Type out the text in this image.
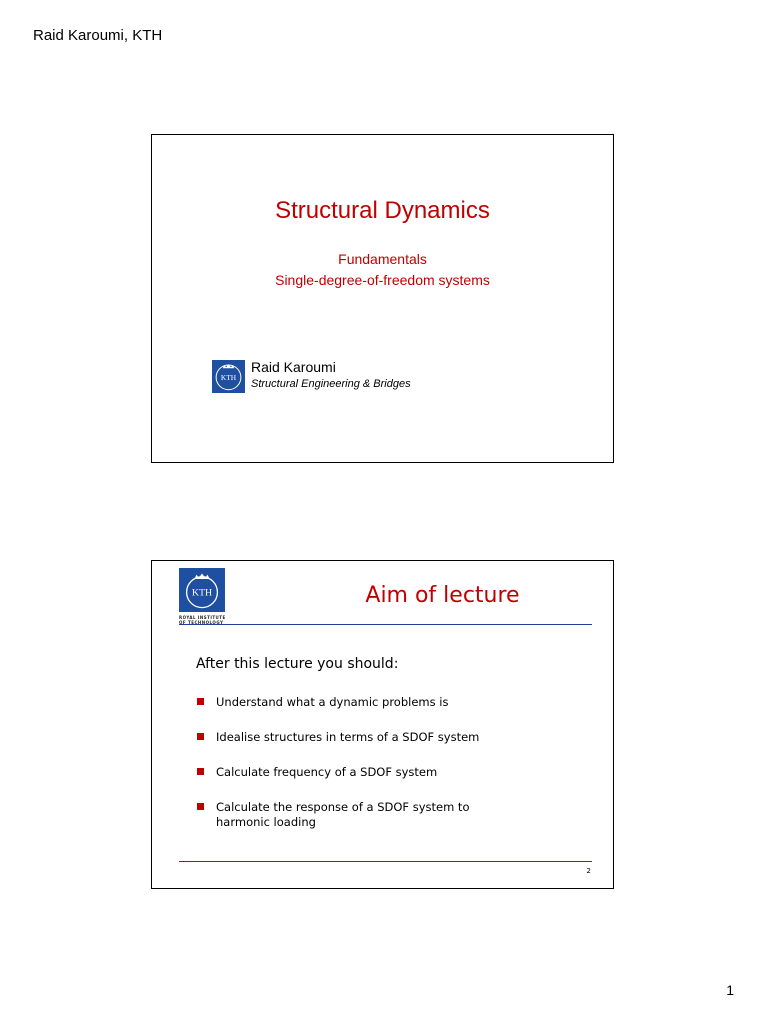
Raid Karoumi, KTH
Structural Dynamics
Fundamentals
Single-degree-of-freedom systems
KTH
Raid Karoumi
Structural Engineering & Bridges
KTH
ROYAL INSTITUTE
OF TECHNOLOGY
Aim of lecture
After this lecture you should:
Understand what a dynamic problems is
Idealise structures in terms of a SDOF system
Calculate frequency of a SDOF system
Calculate the response of a SDOF system to harmonic loading
2
1
